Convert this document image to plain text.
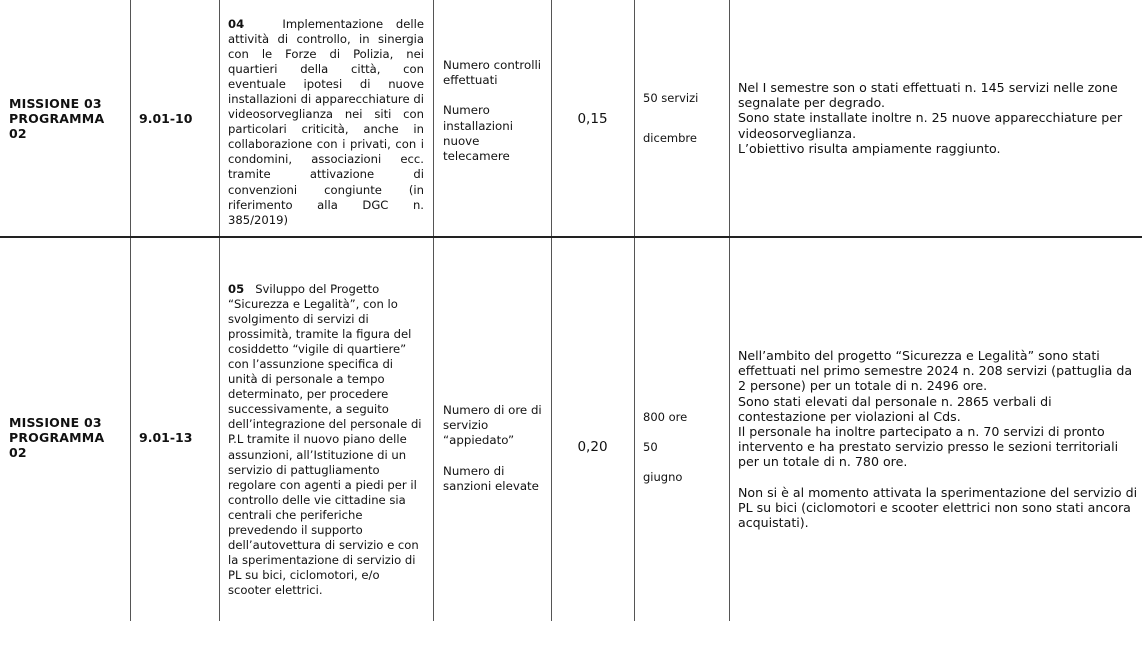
MISSIONE 03

PROGRAMMA

02

9.01-10

04	Implementazione delle attività di controllo, in sinergia con le Forze di Polizia, nei quartieri della città, con eventuale ipotesi di nuove installazioni di apparecchiature di videosorveglianza nei siti con particolari criticità, anche in collaborazione con i privati, con i condomini, associazioni ecc. tramite attivazione di convenzioni congiunte (in riferimento alla DGC n. 385/2019)

Numero controlli effettuati

Numero installazioni nuove telecamere

0,15

50 servizi

dicembre

Nel I semestre son o stati effettuati n. 145 servizi nelle zone segnalate per degrado.

Sono state installate inoltre n. 25 nuove apparecchiature per videosorveglianza.

L’obiettivo risulta ampiamente raggiunto.

MISSIONE 03

PROGRAMMA

02

9.01-13

05 Sviluppo del Progetto “Sicurezza e Legalità”, con lo svolgimento di servizi di prossimità, tramite la figura del cosiddetto “vigile di quartiere” con l’assunzione specifica di unità di personale a tempo determinato, per procedere successivamente, a seguito dell’integrazione del personale di P.L tramite il nuovo piano delle assunzioni, all’Istituzione di un servizio di pattugliamento regolare con agenti a piedi per il controllo delle vie cittadine sia centrali che periferiche prevedendo il supporto dell’autovettura di servizio e con la sperimentazione di servizio di PL su bici, ciclomotori, e/o scooter elettrici.

Numero di ore di servizio “appiedato”

Numero di sanzioni elevate

0,20

800 ore

50

giugno

Nell’ambito del progetto “Sicurezza e Legalità” sono stati effettuati nel primo semestre 2024 n. 208 servizi (pattuglia da 2 persone) per un totale di n. 2496 ore.

Sono stati elevati dal personale n. 2865 verbali di contestazione per violazioni al Cds.

Il personale ha inoltre partecipato a n. 70 servizi di pronto intervento e ha prestato servizio presso le sezioni territoriali per un totale di n. 780 ore.

Non si è al momento attivata la sperimentazione del servizio di PL su bici (ciclomotori e scooter elettrici non sono stati ancora acquistati).
